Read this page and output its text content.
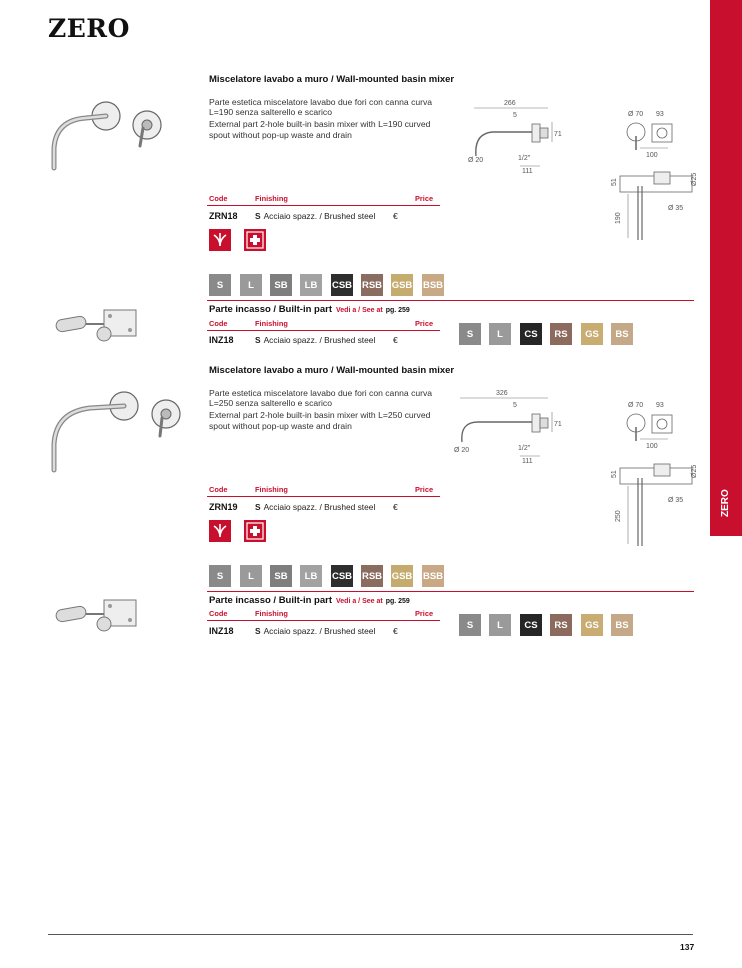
ZERO
ZERO
Miscelatore lavabo a muro / Wall-mounted basin mixer

Parte estetica miscelatore lavabo due fori con canna curva L=190 senza salterello e scarico

External part 2-hole built-in basin mixer with L=190 curved spout without pop-up waste and drain

266
5
71
1/2"
111
Ø 20
Ø 70 93
100
51	Ø25
Ø 35
190
Code	Finishing	Price
ZRN18 S Acciaio spazz. / Brushed steel €
S	L	SB	LB	CSB RSB GSB BSB
Parte incasso / Built-in part Vedi a / See at pg. 259
Code	Finishing	Price
INZ18	S Acciaio spazz. / Brushed steel €
S	L	CS	RS	GS	BS
Miscelatore lavabo a muro / Wall-mounted basin mixer

Parte estetica miscelatore lavabo due fori con canna curva L=250 senza salterello e scarico

External part 2-hole built-in basin mixer with L=250 curved spout without pop-up waste and drain

326
5
71
1/2"
111
Ø 20
Ø 70 93
100
51	Ø25
Ø 35
250
Code	Finishing	Price
ZRN19 S Acciaio spazz. / Brushed steel €
S	L	SB	LB	CSB RSB GSB BSB
Parte incasso / Built-in part Vedi a / See at pg. 259
Code	Finishing	Price
INZ18	S Acciaio spazz. / Brushed steel €
S	L	CS	RS	GS	BS
137
